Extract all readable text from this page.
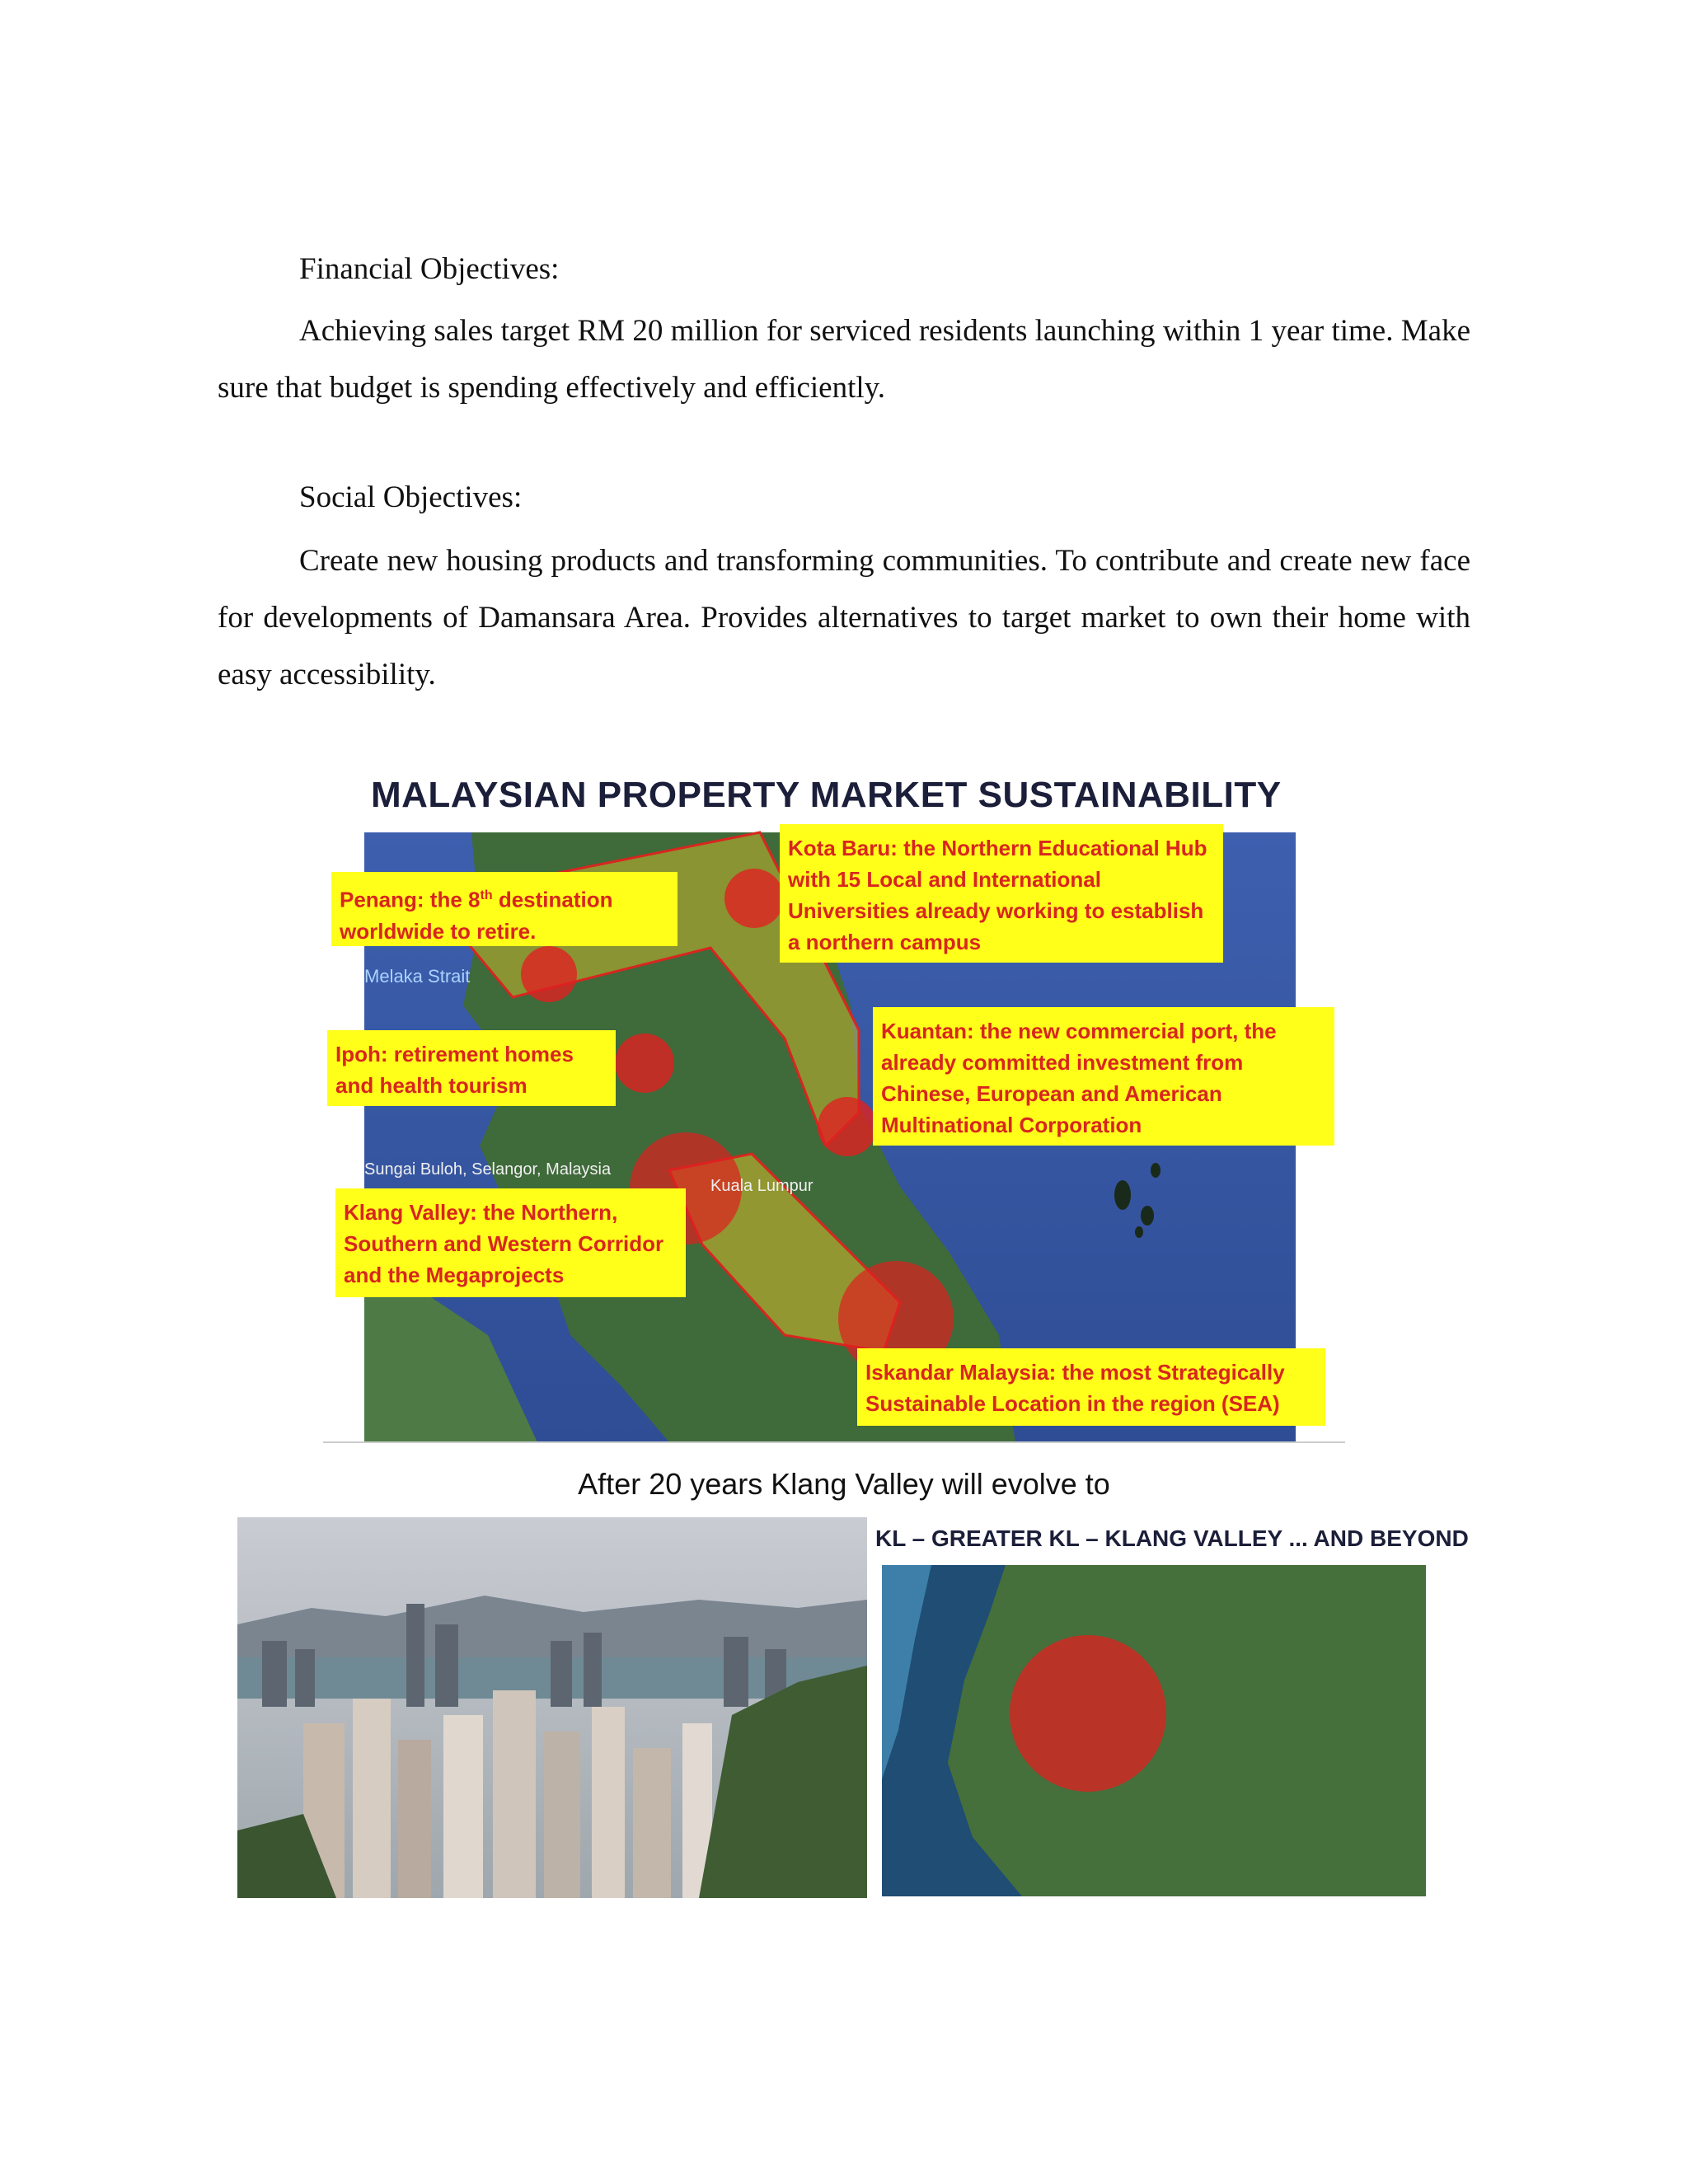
Financial Objectives:

Achieving sales target RM 20 million for serviced residents launching within 1 year time. Make sure that budget is spending effectively and efficiently.

Social Objectives:

Create new housing products and transforming communities. To contribute and create new face for developments of Damansara Area. Provides alternatives to target market to own their home with easy accessibility.

MALAYSIAN PROPERTY MARKET SUSTAINABILITY

Penang: the 8th destination worldwide to retire.
Kota Baru: the Northern Educational Hub with 15 Local and International Universities already working to establish a northern campus
Ipoh: retirement homes and health tourism
Kuantan: the new commercial port, the already committed investment from Chinese, European and American Multinational Corporation
Klang Valley: the Northern, Southern and Western Corridor and the Megaprojects
Iskandar Malaysia: the most Strategically Sustainable Location in the region (SEA)
Melaka Strait
Sungai Buloh, Selangor, Malaysia
Kuala Lumpur

After 20 years Klang Valley will evolve to

KL – GREATER KL – KLANG VALLEY ... AND BEYOND
